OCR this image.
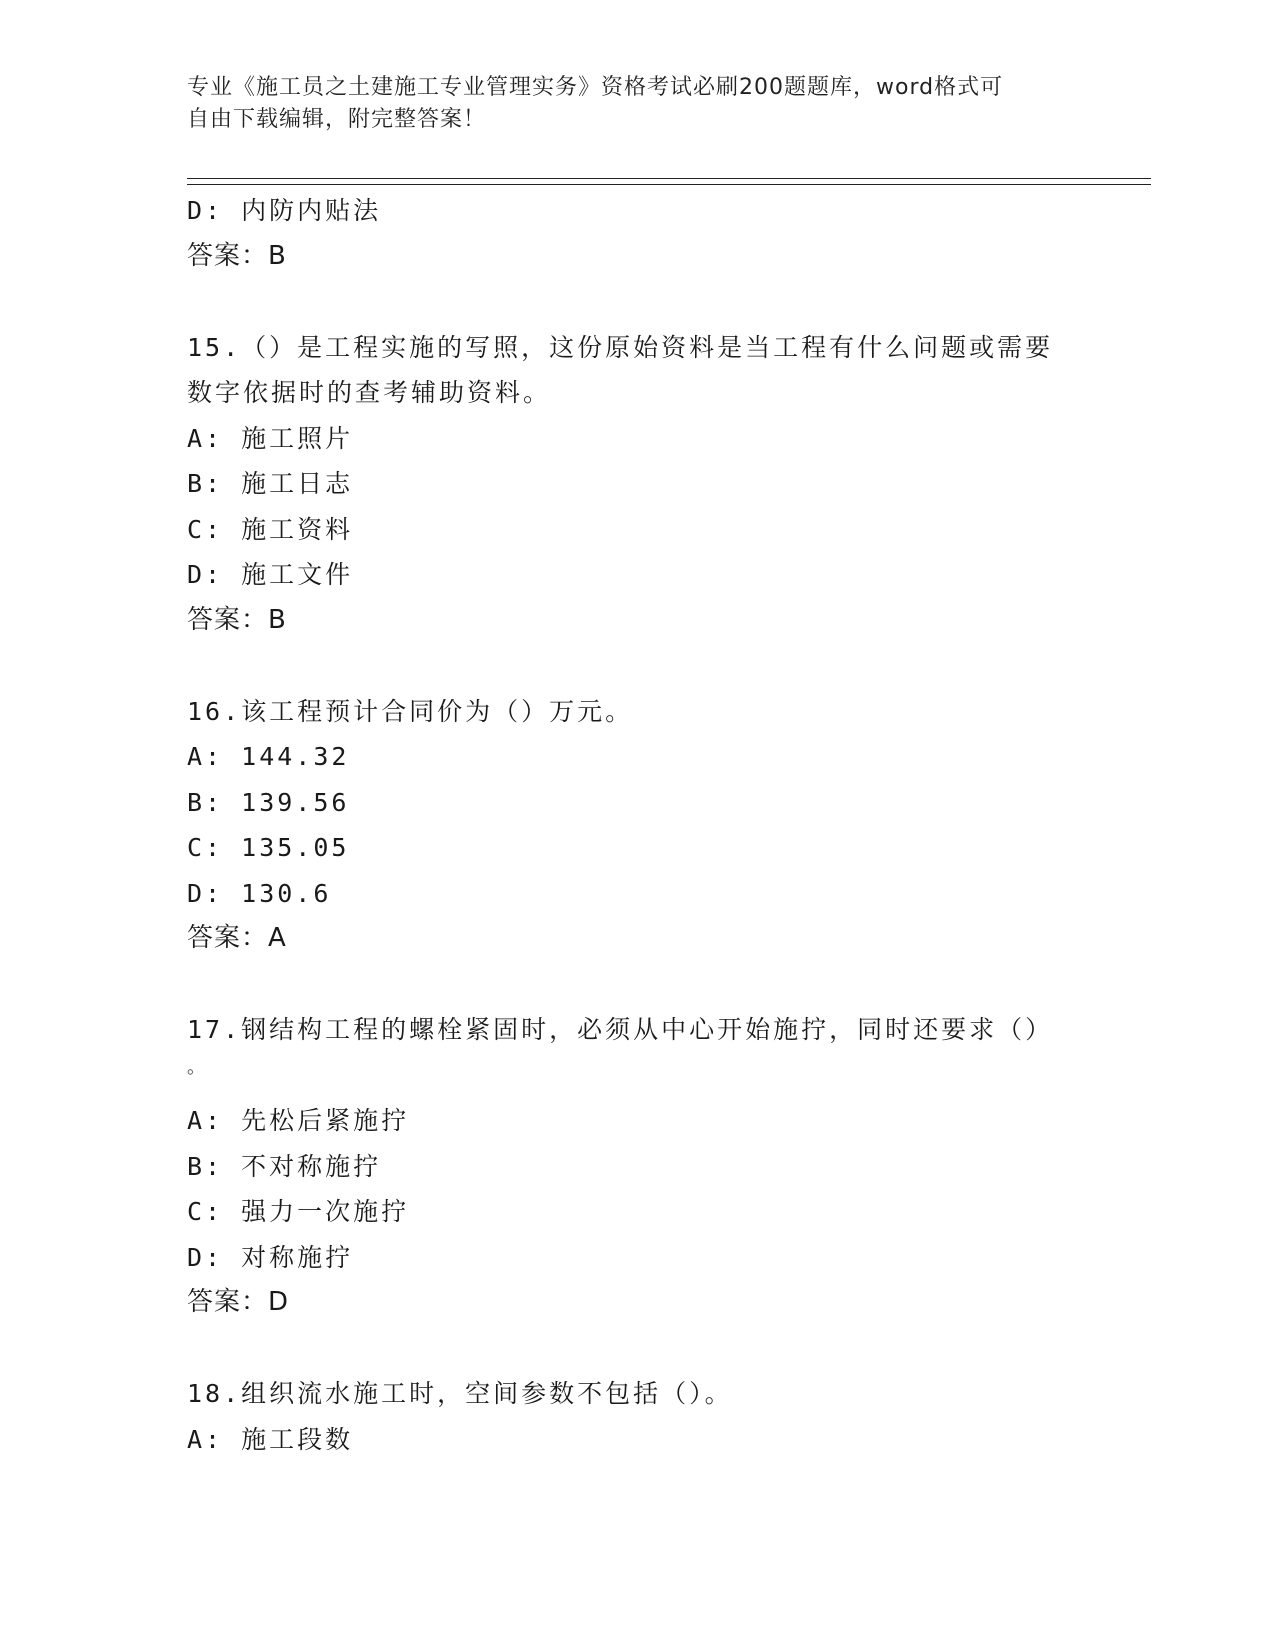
专业《施工员之土建施工专业管理实务》资格考试必刷200题题库，word格式可
自由下载编辑，附完整答案！
D: 内防内贴法
答案：B
15.（）是工程实施的写照，这份原始资料是当工程有什么问题或需要
数字依据时的查考辅助资料。
A: 施工照片
B: 施工日志
C: 施工资料
D: 施工文件
答案：B
16.该工程预计合同价为（）万元。
A: 144.32
B: 139.56
C: 135.05
D: 130.6
答案：A
17.钢结构工程的螺栓紧固时，必须从中心开始施拧，同时还要求（）
。
A: 先松后紧施拧
B: 不对称施拧
C: 强力一次施拧
D: 对称施拧
答案：D
18.组织流水施工时，空间参数不包括（）。
A: 施工段数
